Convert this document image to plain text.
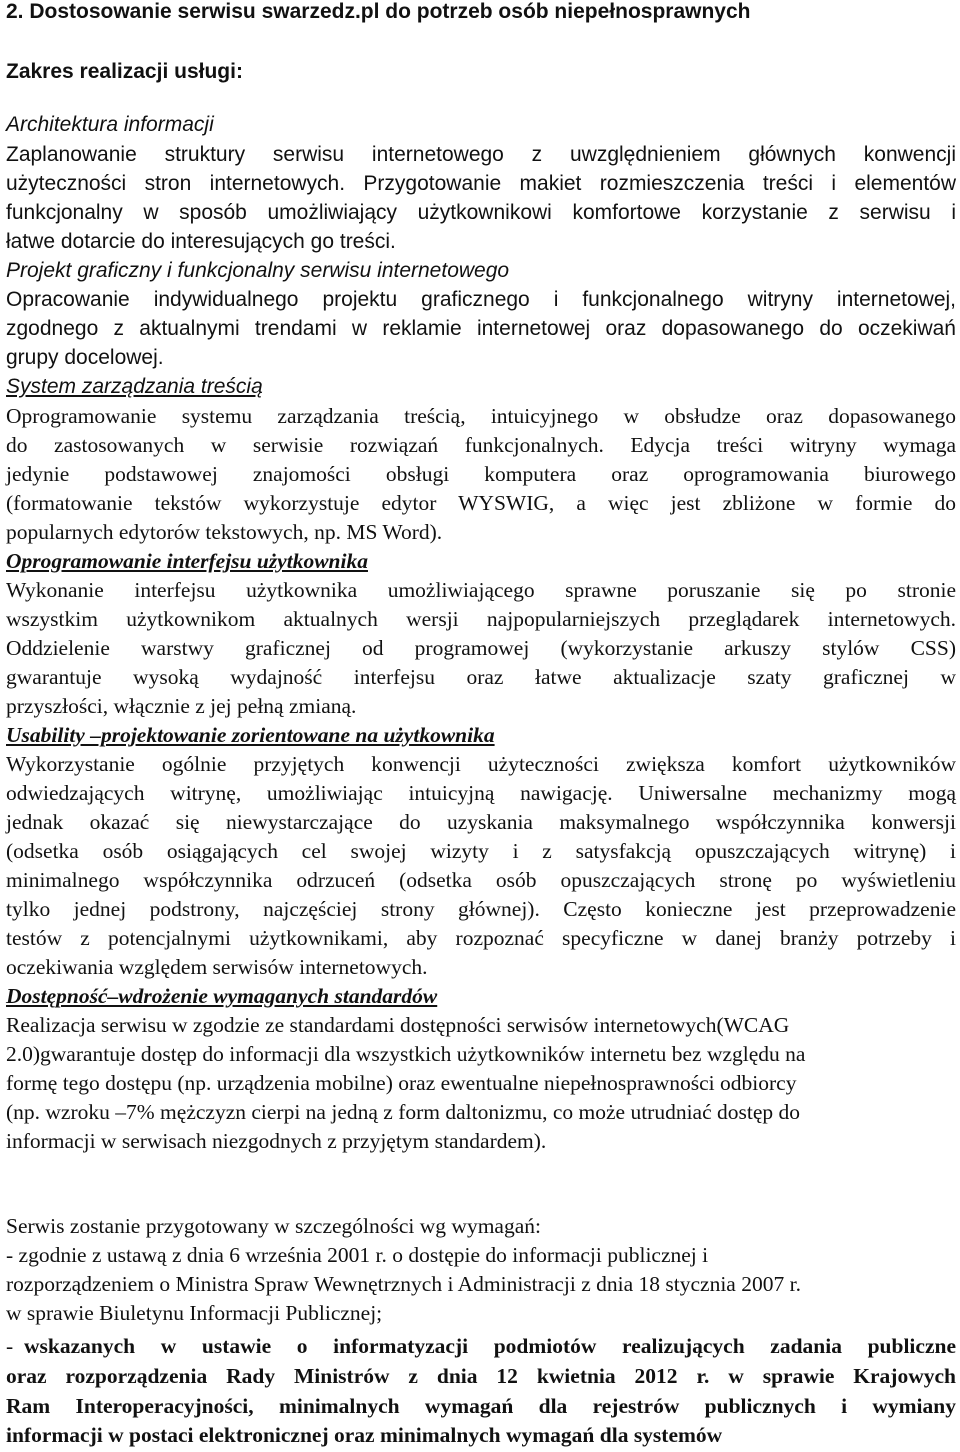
2. Dostosowanie serwisu swarzedz.pl do potrzeb osób niepełnosprawnych
Zakres realizacji usługi:
Architektura informacji
Zaplanowanie struktury serwisu internetowego z uwzględnieniem głównych konwencji
użyteczności stron internetowych. Przygotowanie makiet rozmieszczenia treści i elementów
funkcjonalny w sposób umożliwiający użytkownikowi komfortowe korzystanie z serwisu i
łatwe dotarcie do interesujących go treści.
Projekt graficzny i funkcjonalny serwisu internetowego
Opracowanie indywidualnego projektu graficznego i funkcjonalnego witryny internetowej,
zgodnego z aktualnymi trendami w reklamie internetowej oraz dopasowanego do oczekiwań
grupy docelowej.
System zarządzania treścią
Oprogramowanie systemu zarządzania treścią, intuicyjnego w obsłudze oraz dopasowanego
do zastosowanych w serwisie rozwiązań funkcjonalnych. Edycja treści witryny wymaga
jedynie podstawowej znajomości obsługi komputera oraz oprogramowania biurowego
(formatowanie tekstów wykorzystuje edytor WYSWIG, a więc jest zbliżone w formie do
popularnych edytorów tekstowych, np. MS Word).
Oprogramowanie interfejsu użytkownika
Wykonanie interfejsu użytkownika umożliwiającego sprawne poruszanie się po stronie
wszystkim użytkownikom aktualnych wersji najpopularniejszych przeglądarek internetowych.
Oddzielenie warstwy graficznej od programowej (wykorzystanie arkuszy stylów CSS)
gwarantuje wysoką wydajność interfejsu oraz łatwe aktualizacje szaty graficznej w
przyszłości, włącznie z jej pełną zmianą.
Usability –projektowanie zorientowane na użytkownika
Wykorzystanie ogólnie przyjętych konwencji użyteczności zwiększa komfort użytkowników
odwiedzających witrynę, umożliwiając intuicyjną nawigację. Uniwersalne mechanizmy mogą
jednak okazać się niewystarczające do uzyskania maksymalnego współczynnika konwersji
(odsetka osób osiągających cel swojej wizyty i z satysfakcją opuszczających witrynę) i
minimalnego współczynnika odrzuceń (odsetka osób opuszczających stronę po wyświetleniu
tylko jednej podstrony, najczęściej strony głównej). Często konieczne jest przeprowadzenie
testów z potencjalnymi użytkownikami, aby rozpoznać specyficzne w danej branży potrzeby i
oczekiwania względem serwisów internetowych.
Dostępność–wdrożenie wymaganych standardów
Realizacja serwisu w zgodzie ze standardami dostępności serwisów internetowych(WCAG
2.0)gwarantuje dostęp do informacji dla wszystkich użytkowników internetu bez względu na
formę tego dostępu (np. urządzenia mobilne) oraz ewentualne niepełnosprawności odbiorcy
(np. wzroku –7% mężczyzn cierpi na jedną z form daltonizmu, co może utrudniać dostęp do
informacji w serwisach niezgodnych z przyjętym standardem).
Serwis zostanie przygotowany w szczególności wg wymagań:
- zgodnie z ustawą z dnia 6 września 2001 r. o dostępie do informacji publicznej i
rozporządzeniem o Ministra Spraw Wewnętrznych i Administracji z dnia 18 stycznia 2007 r.
w sprawie Biuletynu Informacji Publicznej;
- wskazanych w ustawie o informatyzacji podmiotów realizujących zadania publiczne
oraz rozporządzenia Rady Ministrów z dnia 12 kwietnia 2012 r. w sprawie Krajowych
Ram Interoperacyjności, minimalnych wymagań dla rejestrów publicznych i wymiany
informacji w postaci elektronicznej oraz minimalnych wymagań dla systemów
